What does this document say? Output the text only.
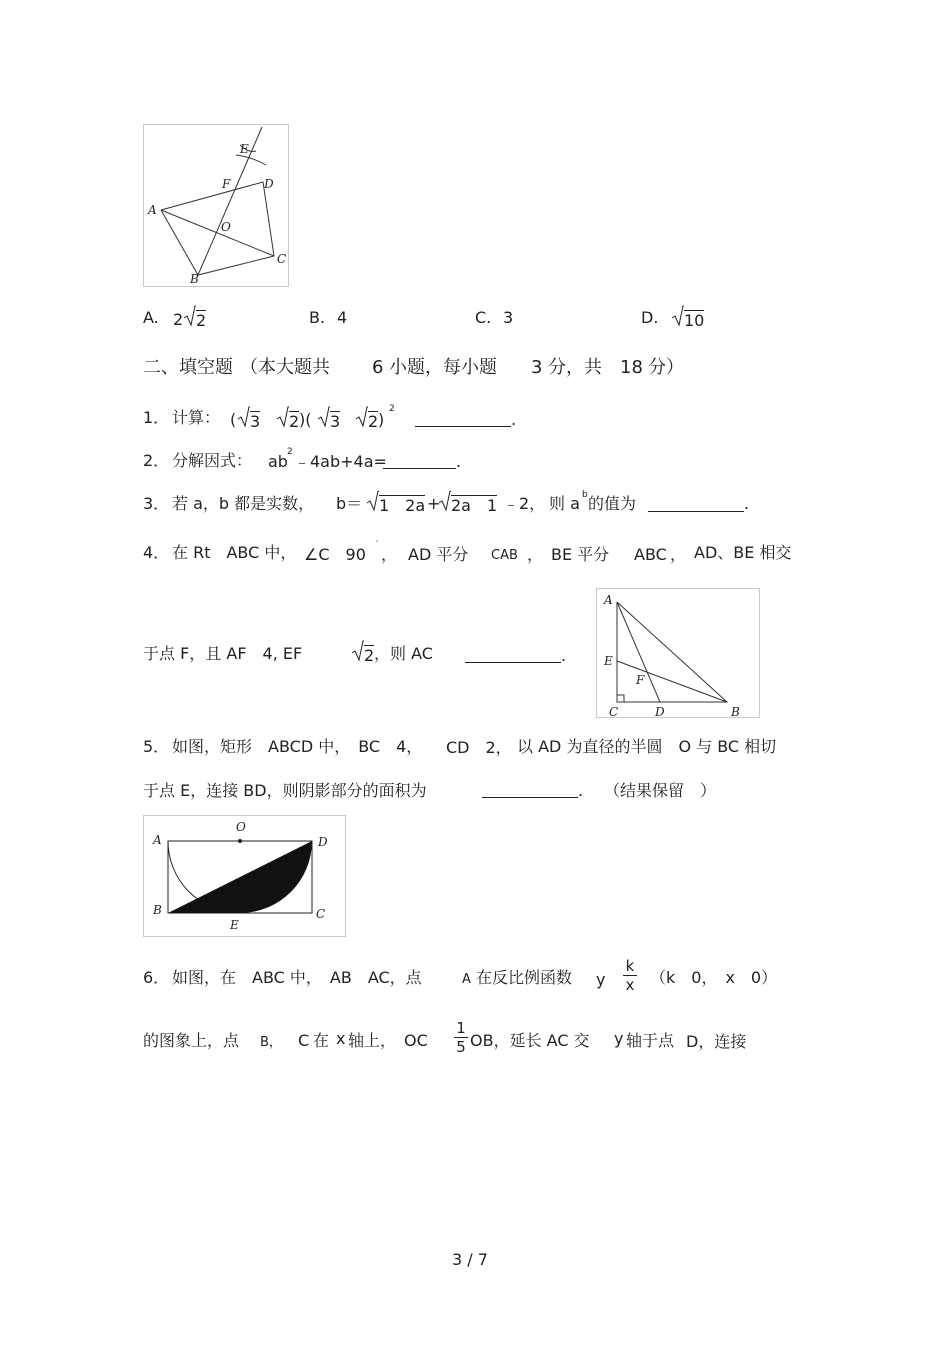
A
B
C
D
E
F
O
A. 2 2	B. 4	C. 3	D. 10
二、填空题 （本大题共 6 小题，每小题 3 分，共 18 分）
1． 计算： ( 3 2 )( 3 2 )
2
.
2． 分解因式： ab 2 ﹣4ab+4a=	.
3． 若 a，b 都是实数， b＝ 1　2a + 2a　1 ﹣2， 则 a b 的值为	.
4． 在 Rt　ABC 中， ∠C　90 ′ ， AD 平分 CAB ， BE 平分 ABC ， AD、BE 相交
于点 F，且 AF　4, EF	2 ，则 AC	.
A
E
F
C	D	B
5． 如图，矩形　ABCD 中，　BC　4， CD　2， 以 AD 为直径的半圆　O 与 BC 相切
于点 E，连接 BD，则阴影部分的面积为	. （结果保留　）
A
O
D
B
E
C
6． 如图，在　ABC 中，　AB　AC，点	A 在反比例函数 y
k
x （k　0，　x　0）
的图象上，点 B， C 在 x 轴上，　OC
1
5 OB，延长 AC 交 y 轴于点 D，连接
3 / 7
